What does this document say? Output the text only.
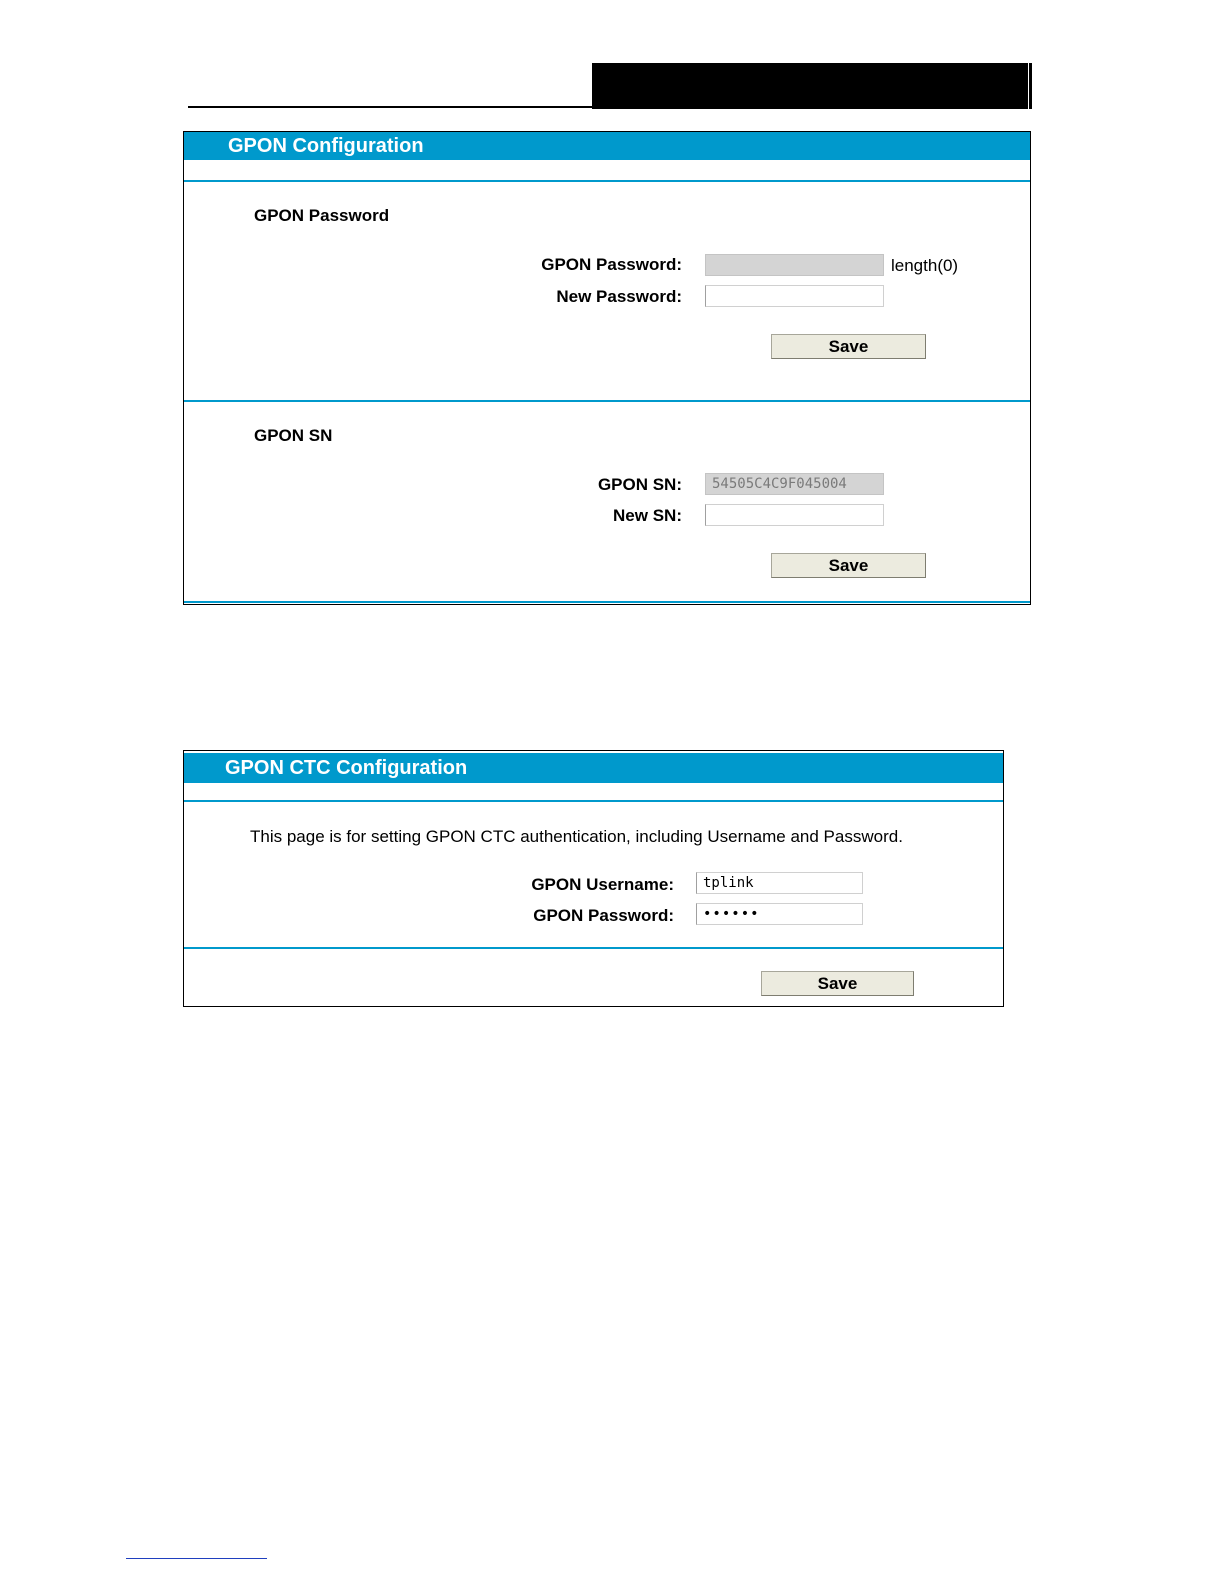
GPON Configuration
GPON Password
GPON Password:	length(0)
New Password:
Save
GPON SN
GPON SN:	54505C4C9F045004
New SN:
Save
GPON CTC Configuration
This page is for setting GPON CTC authentication, including Username and Password.
GPON Username:	tplink
GPON Password:	••••••
Save
